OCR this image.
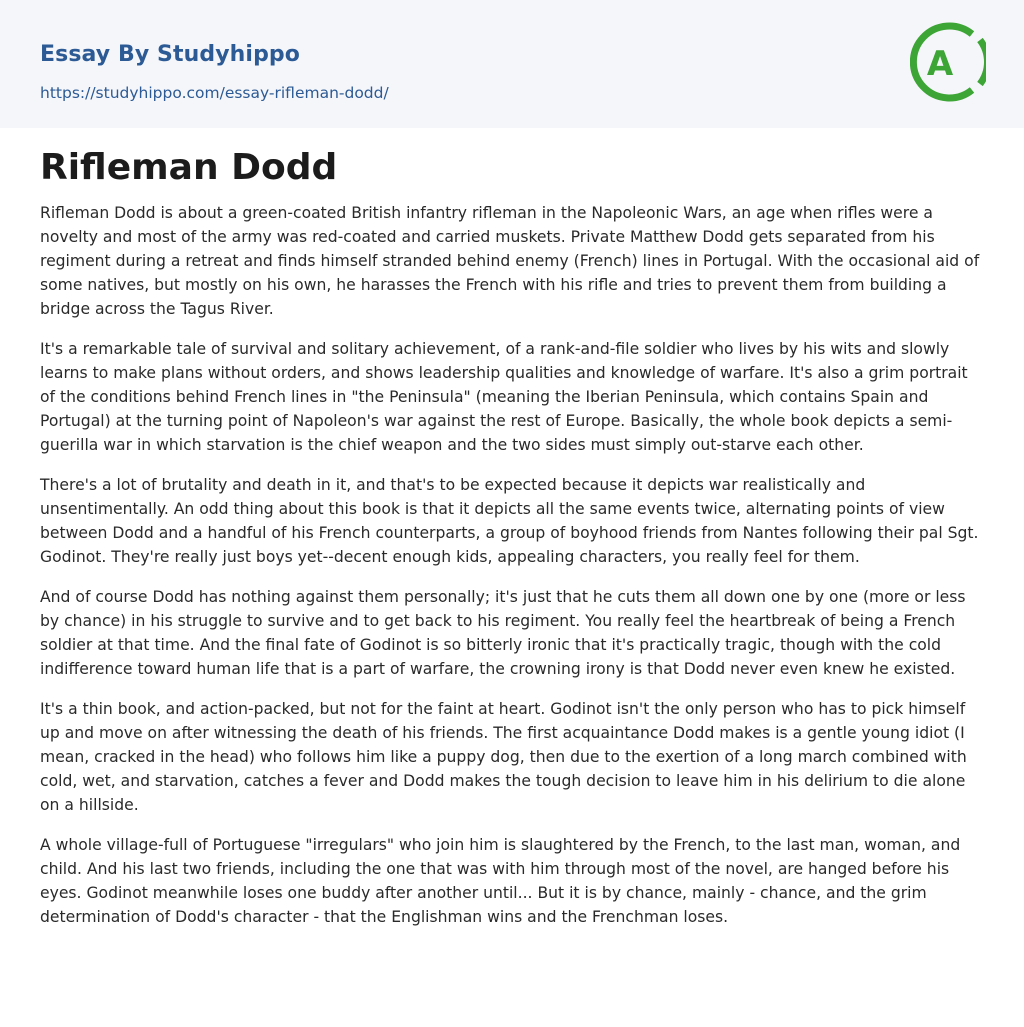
Essay By Studyhippo
https://studyhippo.com/essay-rifleman-dodd/
A
Rifleman Dodd

Rifleman Dodd is about a green-coated British infantry rifleman in the Napoleonic Wars, an age when rifles were a novelty and most of the army was red-coated and carried muskets. Private Matthew Dodd gets separated from his regiment during a retreat and finds himself stranded behind enemy (French) lines in Portugal. With the occasional aid of some natives, but mostly on his own, he harasses the French with his rifle and tries to prevent them from building a bridge across the Tagus River.

It's a remarkable tale of survival and solitary achievement, of a rank-and-file soldier who lives by his wits and slowly learns to make plans without orders, and shows leadership qualities and knowledge of warfare. It's also a grim portrait of the conditions behind French lines in "the Peninsula" (meaning the Iberian Peninsula, which contains Spain and Portugal) at the turning point of Napoleon's war against the rest of Europe. Basically, the whole book depicts a semi-guerilla war in which starvation is the chief weapon and the two sides must simply out-starve each other.

There's a lot of brutality and death in it, and that's to be expected because it depicts war realistically and unsentimentally. An odd thing about this book is that it depicts all the same events twice, alternating points of view between Dodd and a handful of his French counterparts, a group of boyhood friends from Nantes following their pal Sgt. Godinot. They're really just boys yet--decent enough kids, appealing characters, you really feel for them.

And of course Dodd has nothing against them personally; it's just that he cuts them all down one by one (more or less by chance) in his struggle to survive and to get back to his regiment. You really feel the heartbreak of being a French soldier at that time. And the final fate of Godinot is so bitterly ironic that it's practically tragic, though with the cold indifference toward human life that is a part of warfare, the crowning irony is that Dodd never even knew he existed.

It's a thin book, and action-packed, but not for the faint at heart. Godinot isn't the only person who has to pick himself up and move on after witnessing the death of his friends. The first acquaintance Dodd makes is a gentle young idiot (I mean, cracked in the head) who follows him like a puppy dog, then due to the exertion of a long march combined with cold, wet, and starvation, catches a fever and Dodd makes the tough decision to leave him in his delirium to die alone on a hillside.

A whole village-full of Portuguese "irregulars" who join him is slaughtered by the French, to the last man, woman, and child. And his last two friends, including the one that was with him through most of the novel, are hanged before his eyes. Godinot meanwhile loses one buddy after another until... But it is by chance, mainly - chance, and the grim determination of Dodd's character - that the Englishman wins and the Frenchman loses.
